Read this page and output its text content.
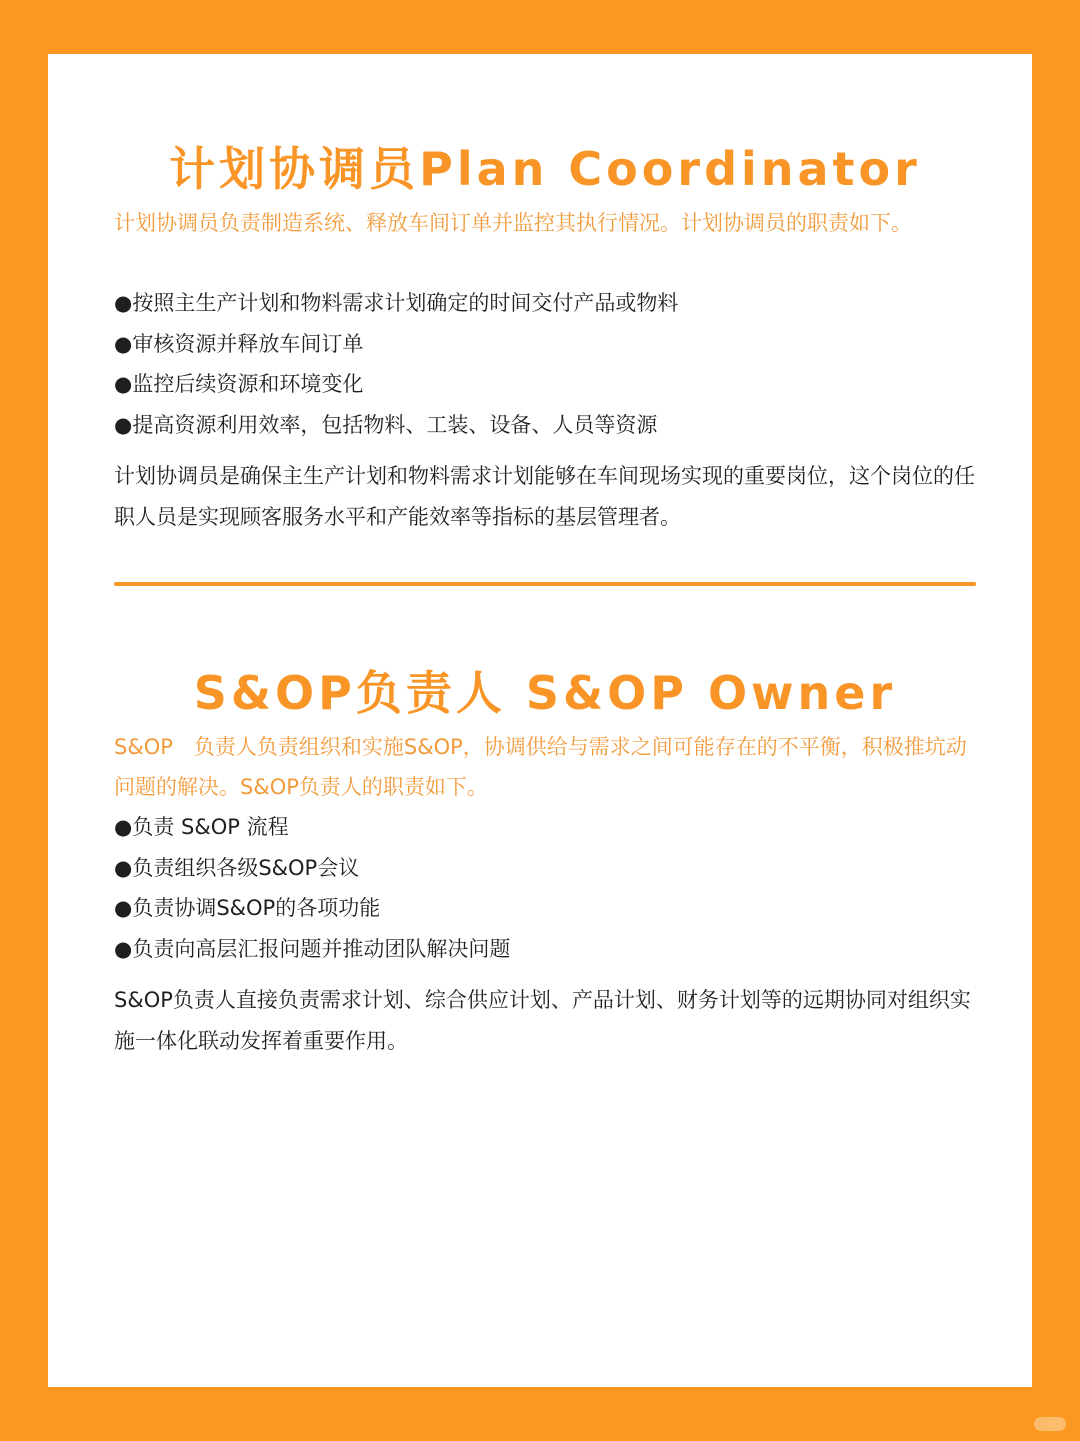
计划协调员Plan Coordinator

计划协调员负责制造系统、释放车间订单并监控其执行情况。计划协调员的职责如下。

●按照主生产计划和物料需求计划确定的时间交付产品或物料
●审核资源并释放车间订单
●监控后续资源和环境变化
●提高资源利用效率，包括物料、工装、设备、人员等资源

计划协调员是确保主生产计划和物料需求计划能够在车间现场实现的重要岗位，这个岗位的任职人员是实现顾客服务水平和产能效率等指标的基层管理者。

S&OP负责人 S&OP Owner

S&OP　负责人负责组织和实施S&OP，协调供给与需求之间可能存在的不平衡，积极推坑动问题的解决。S&OP负责人的职责如下。

●负责 S&OP 流程
●负责组织各级S&OP会议
●负责协调S&OP的各项功能
●负责向高层汇报问题并推动团队解决问题

S&OP负责人直接负责需求计划、综合供应计划、产品计划、财务计划等的远期协同对组织实施一体化联动发挥着重要作用。
